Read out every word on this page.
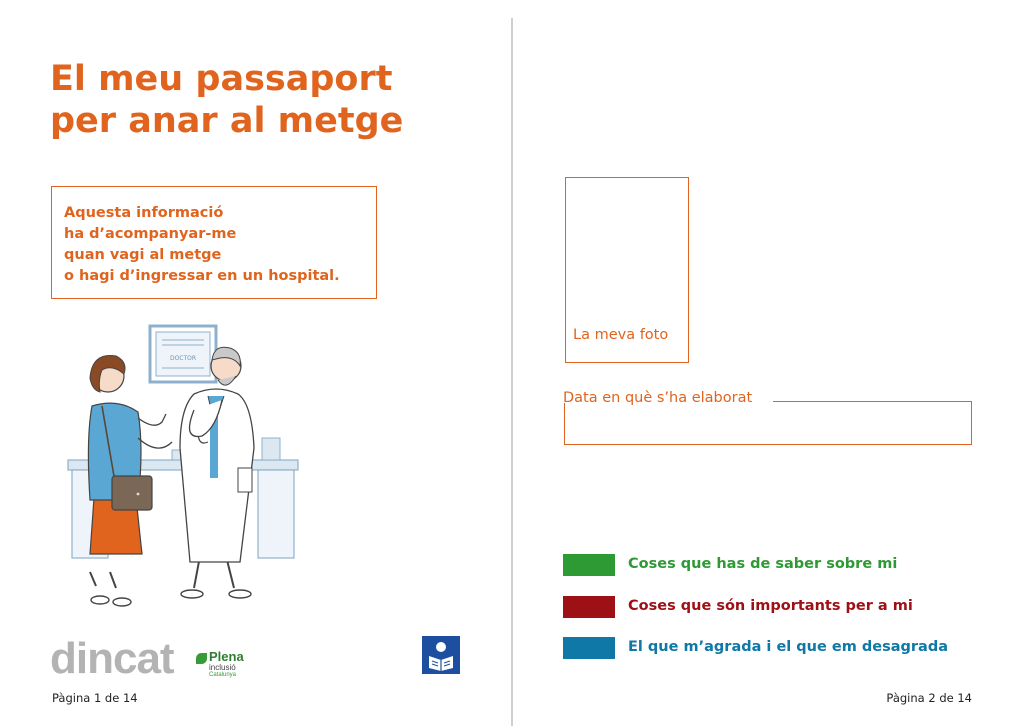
El meu passaport
per anar al metge
Aquesta informació
ha d’acompanyar-me
quan vagi al metge
o hagi d’ingressar en un hospital.
DOCTOR
dincat	Plena
inclusió
Catalunya
Pàgina 1 de 14
La meva foto
Data en què s’ha elaborat
Coses que has de saber sobre mi
Coses que són importants per a mi
El que m’agrada i el que em desagrada
Pàgina 2 de 14
